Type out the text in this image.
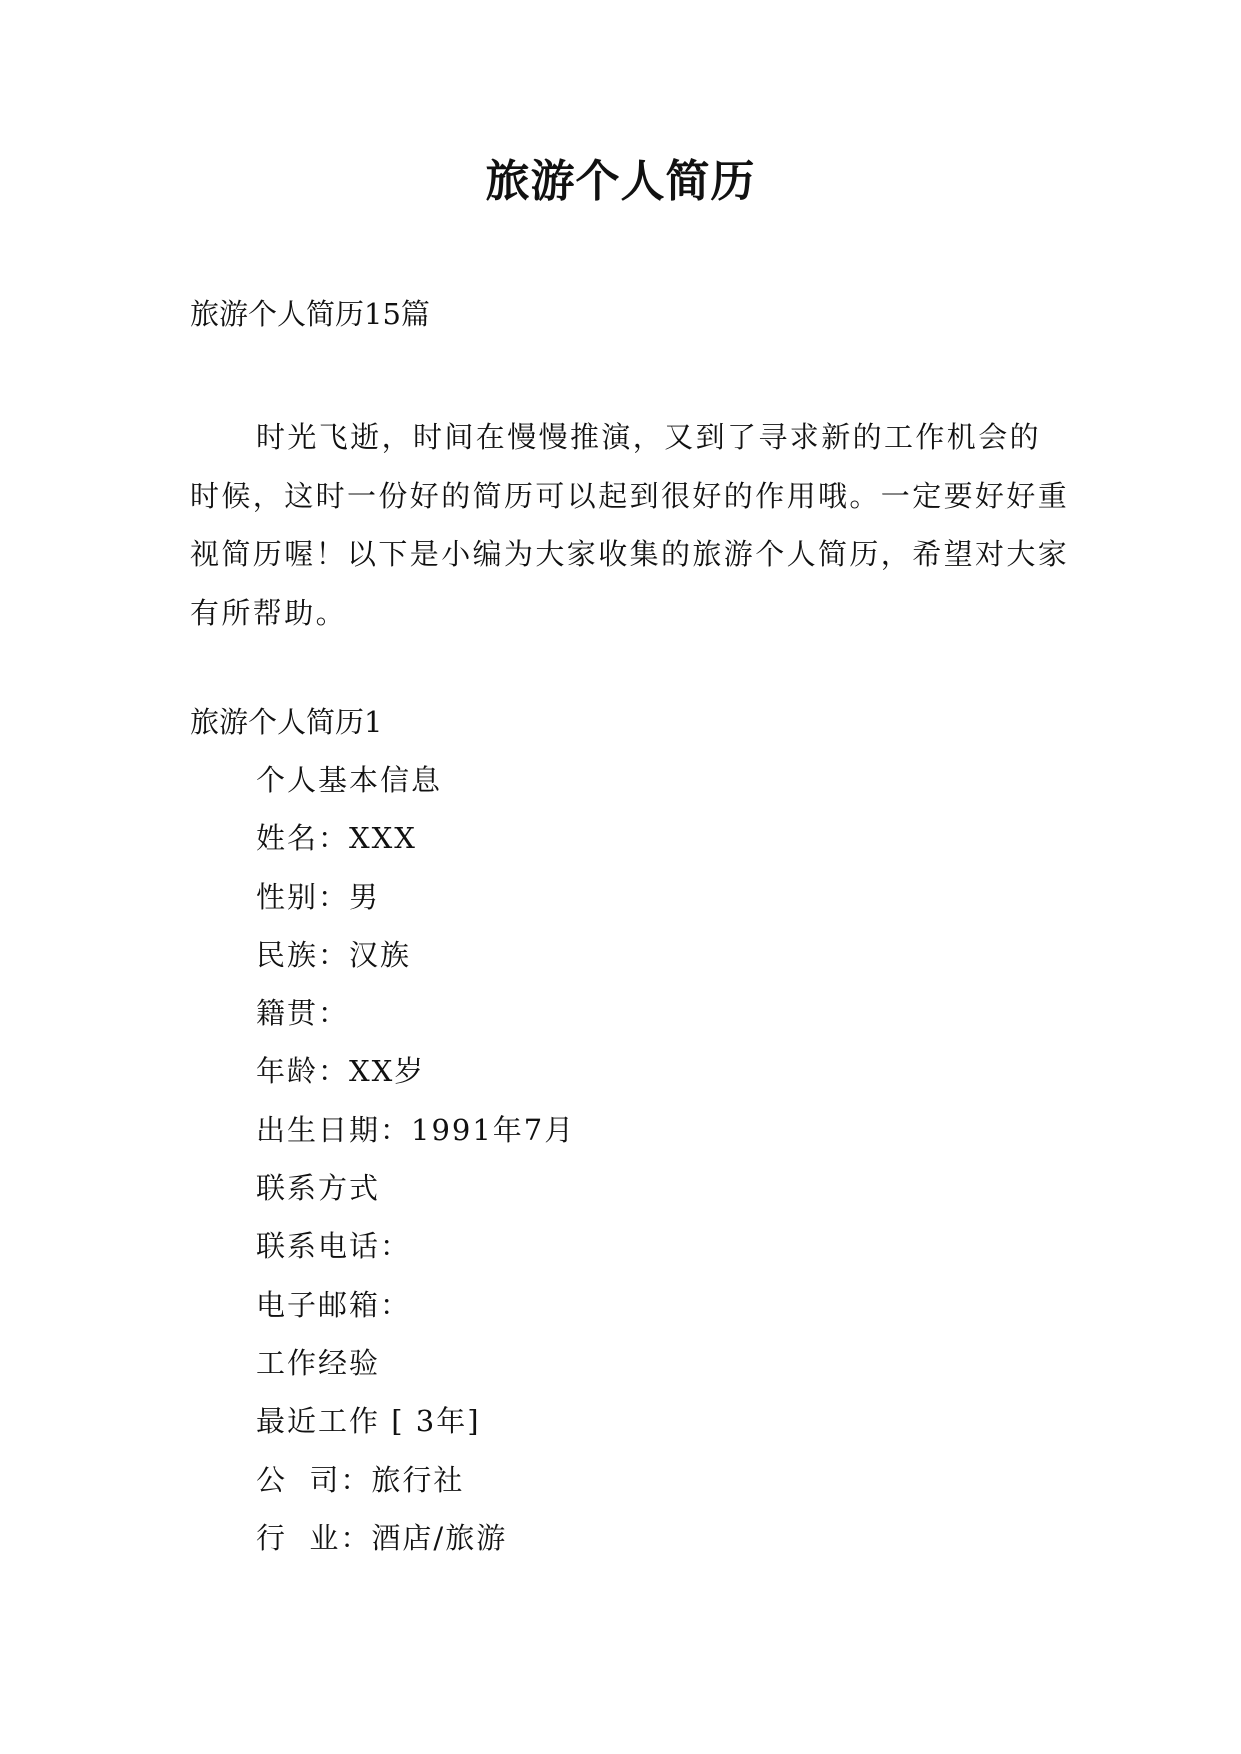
旅游个人简历
旅游个人简历15篇

时光飞逝，时间在慢慢推演，又到了寻求新的工作机会的时候，这时一份好的简历可以起到很好的作用哦。一定要好好重视简历喔！以下是小编为大家收集的旅游个人简历，希望对大家有所帮助。

旅游个人简历1
个人基本信息
姓名：XXX
性别：男
民族：汉族
籍贯：
年龄：XX岁
出生日期：1991年7月
联系方式
联系电话：
电子邮箱：
工作经验
最近工作 [ 3年]
公  司：旅行社
行  业：酒店/旅游
